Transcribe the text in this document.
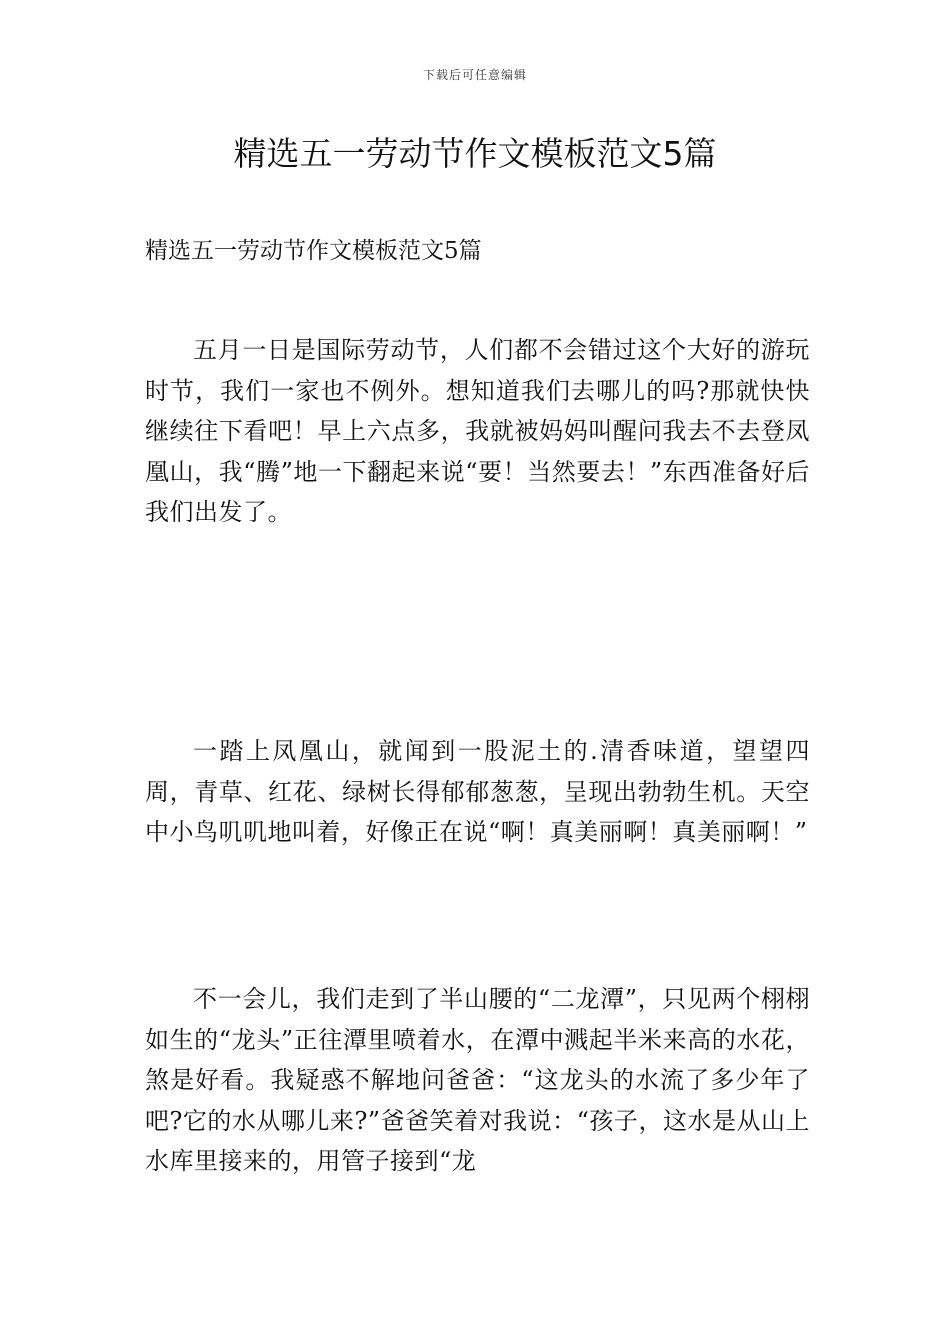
下载后可任意编辑
精选五一劳动节作文模板范文5篇

精选五一劳动节作文模板范文5篇

五月一日是国际劳动节，人们都不会错过这个大好的游玩时节，我们一家也不例外。想知道我们去哪儿的吗?那就快快继续往下看吧！早上六点多，我就被妈妈叫醒问我去不去登凤凰山，我“腾”地一下翻起来说“要！当然要去！”东西准备好后我们出发了。

一踏上凤凰山，就闻到一股泥土的.清香味道，望望四周，青草、红花、绿树长得郁郁葱葱，呈现出勃勃生机。天空中小鸟叽叽地叫着，好像正在说“啊！真美丽啊！真美丽啊！”

不一会儿，我们走到了半山腰的“二龙潭”，只见两个栩栩如生的“龙头”正往潭里喷着水，在潭中溅起半米来高的水花，煞是好看。我疑惑不解地问爸爸：“这龙头的水流了多少年了吧?它的水从哪儿来?”爸爸笑着对我说：“孩子，这水是从山上水库里接来的，用管子接到“龙
